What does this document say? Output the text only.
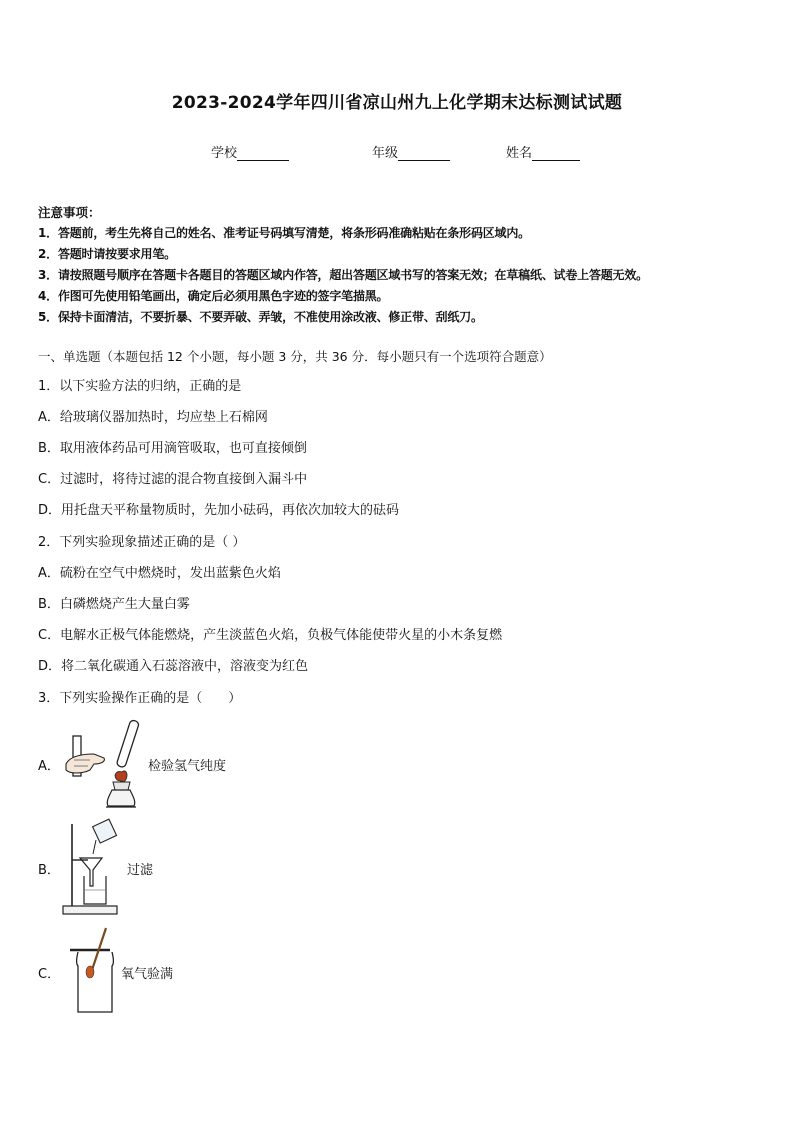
2023-2024学年四川省凉山州九上化学期末达标测试试题
学校	年级	姓名
注意事项：
1．答题前，考生先将自己的姓名、准考证号码填写清楚，将条形码准确粘贴在条形码区域内。
2．答题时请按要求用笔。
3．请按照题号顺序在答题卡各题目的答题区域内作答，超出答题区域书写的答案无效；在草稿纸、试卷上答题无效。
4．作图可先使用铅笔画出，确定后必须用黑色字迹的签字笔描黑。
5．保持卡面清洁，不要折暴、不要弄破、弄皱，不准使用涂改液、修正带、刮纸刀。
一、单选题（本题包括 12 个小题，每小题 3 分，共 36 分．每小题只有一个选项符合题意）
1．以下实验方法的归纳，正确的是
A．给玻璃仪器加热时，均应垫上石棉网
B．取用液体药品可用滴管吸取，也可直接倾倒
C．过滤时，将待过滤的混合物直接倒入漏斗中
D．用托盘天平称量物质时，先加小砝码，再依次加较大的砝码
2．下列实验现象描述正确的是（ ）
A．硫粉在空气中燃烧时，发出蓝紫色火焰
B．白磷燃烧产生大量白雾
C．电解水正极气体能燃烧，产生淡蓝色火焰，负极气体能使带火星的小木条复燃
D．将二氧化碳通入石蕊溶液中，溶液变为红色
3．下列实验操作正确的是（　　）
A．	检验氢气纯度
B．	过滤
C．	氧气验满
